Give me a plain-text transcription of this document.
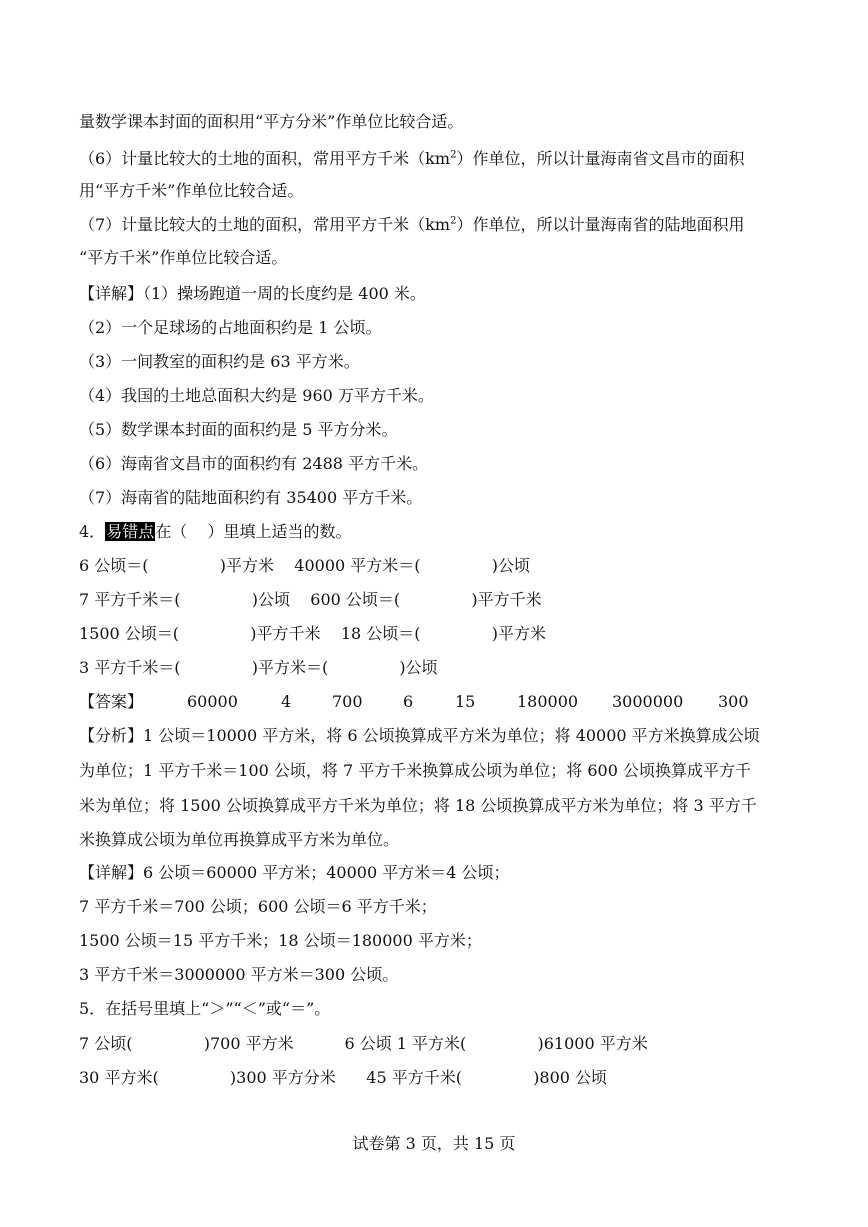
量数学课本封面的面积用“平方分米”作单位比较合适。
（6）计量比较大的土地的面积，常用平方千米$(km^2)$作单位，所以计量海南省文昌市的面积
用“平方千米”作单位比较合适。
（7）计量比较大的土地的面积，常用平方千米$(km^2)$作单位，所以计量海南省的陆地面积用
“平方千米”作单位比较合适。
【详解】（1）操场跑道一周的长度约是 400 米。
（2）一个足球场的占地面积约是 1 公顷。
（3）一间教室的面积约是 63 平方米。
（4）我国的土地总面积大约是 960 万平方千米。
（5）数学课本封面的面积约是 5 平方分米。
（6）海南省文昌市的面积约有 2488 平方千米。
（7）海南省的陆地面积约有 35400 平方千米。
4．易错点在（    ）里填上适当的数。
6 公顷＝(              )平方米    40000 平方米＝(              )公顷
7 平方千米＝(              )公顷    600 公顷＝(              )平方千米
1500 公顷＝(              )平方千米    18 公顷＝(              )平方米
3 平方千米＝(              )平方米＝(              )公顷
【答案】	60000	4	700	6	15	180000 3000000 300
【分析】1 公顷＝10000 平方米，将 6 公顷换算成平方米为单位；将 40000 平方米换算成公顷
为单位；1 平方千米＝100 公顷，将 7 平方千米换算成公顷为单位；将 600 公顷换算成平方千
米为单位；将 1500 公顷换算成平方千米为单位；将 18 公顷换算成平方米为单位；将 3 平方千
米换算成公顷为单位再换算成平方米为单位。
【详解】6 公顷＝60000 平方米；40000 平方米＝4 公顷；
7 平方千米＝700 公顷；600 公顷＝6 平方千米；
1500 公顷＝15 平方千米；18 公顷＝180000 平方米；
3 平方千米＝3000000 平方米＝300 公顷。
5．在括号里填上“＞”“＜”或“＝”。
7 公顷(              )700 平方米          6 公顷 1 平方米(              )61000 平方米
30 平方米(              )300 平方分米      45 平方千米(              )800 公顷
试卷第 3 页，共 15 页
